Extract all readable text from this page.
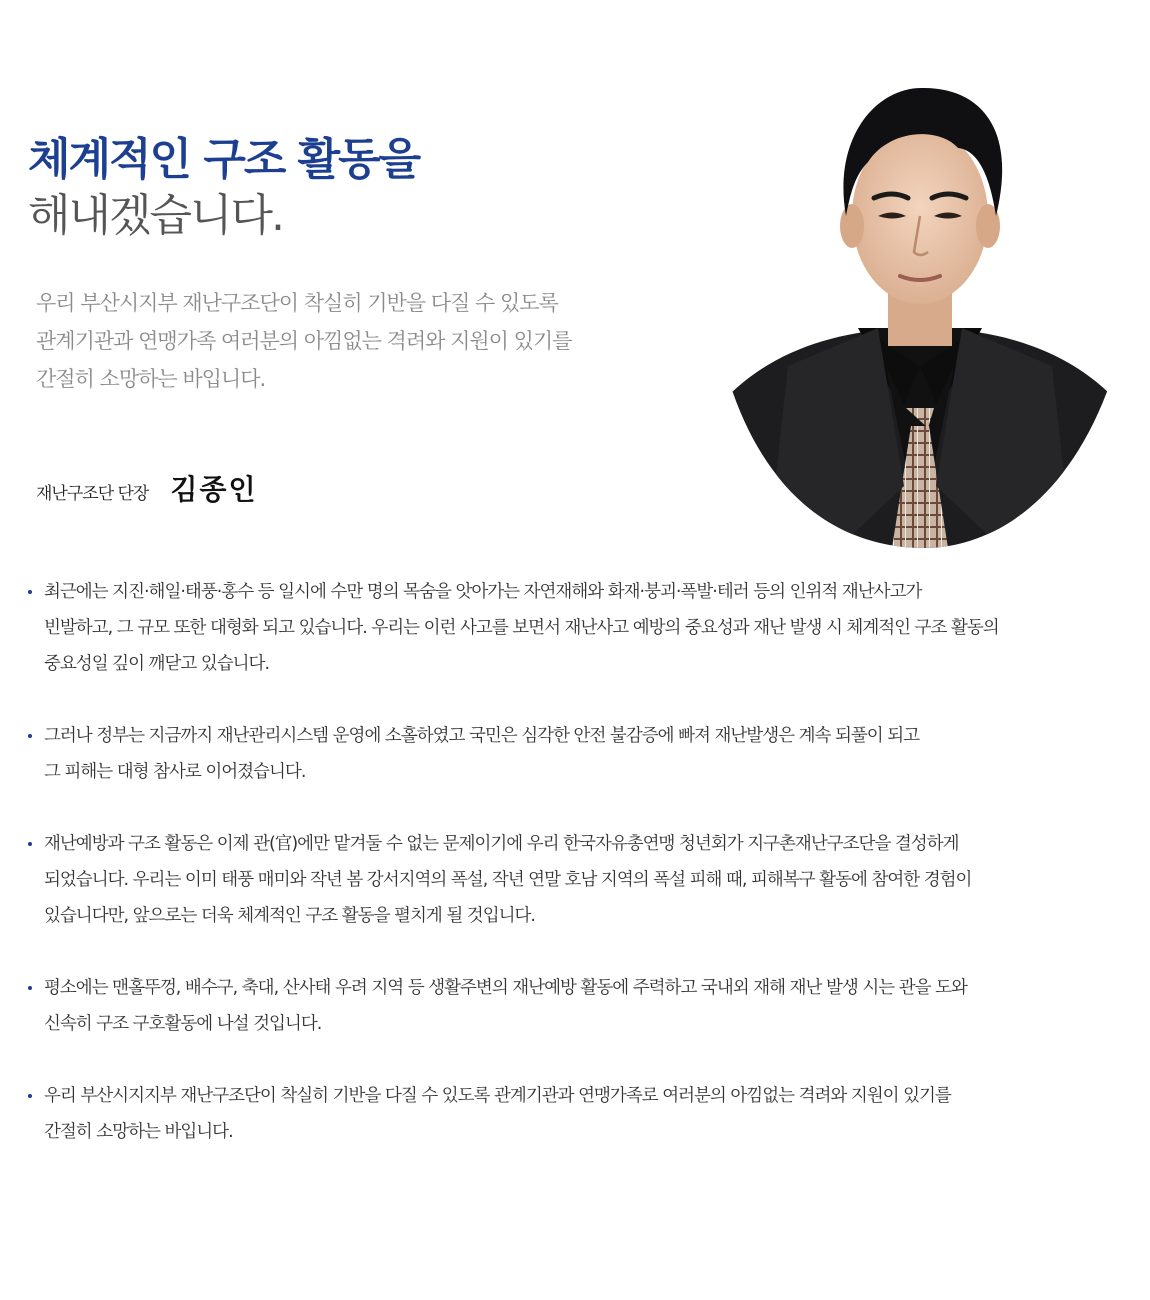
체계적인 구조 활동을
해내겠습니다.
우리 부산시지부 재난구조단이 착실히 기반을 다질 수 있도록
관계기관과 연맹가족 여러분의 아낌없는 격려와 지원이 있기를
간절히 소망하는 바입니다.
재난구조단 단장 김종인
최근에는 지진·해일·태풍·홍수 등 일시에 수만 명의 목숨을 앗아가는 자연재해와 화재·붕괴·폭발·테러 등의 인위적 재난사고가
빈발하고, 그 규모 또한 대형화 되고 있습니다. 우리는 이런 사고를 보면서 재난사고 예방의 중요성과 재난 발생 시 체계적인 구조 활동의
중요성일 깊이 깨닫고 있습니다.
그러나 정부는 지금까지 재난관리시스템 운영에 소홀하였고 국민은 심각한 안전 불감증에 빠져 재난발생은 계속 되풀이 되고
그 피해는 대형 참사로 이어졌습니다.
재난예방과 구조 활동은 이제 관(官)에만 맡겨둘 수 없는 문제이기에 우리 한국자유총연맹 청년회가 지구촌재난구조단을 결성하게
되었습니다. 우리는 이미 태풍 매미와 작년 봄 강서지역의 폭설, 작년 연말 호남 지역의 폭설 피해 때, 피해복구 활동에 참여한 경험이
있습니다만, 앞으로는 더욱 체계적인 구조 활동을 펼치게 될 것입니다.
평소에는 맨홀뚜껑, 배수구, 축대, 산사태 우려 지역 등 생활주변의 재난예방 활동에 주력하고 국내외 재해 재난 발생 시는 관을 도와
신속히 구조 구호활동에 나설 것입니다.
우리 부산시지지부 재난구조단이 착실히 기반을 다질 수 있도록 관계기관과 연맹가족로 여러분의 아낌없는 격려와 지원이 있기를
간절히 소망하는 바입니다.
